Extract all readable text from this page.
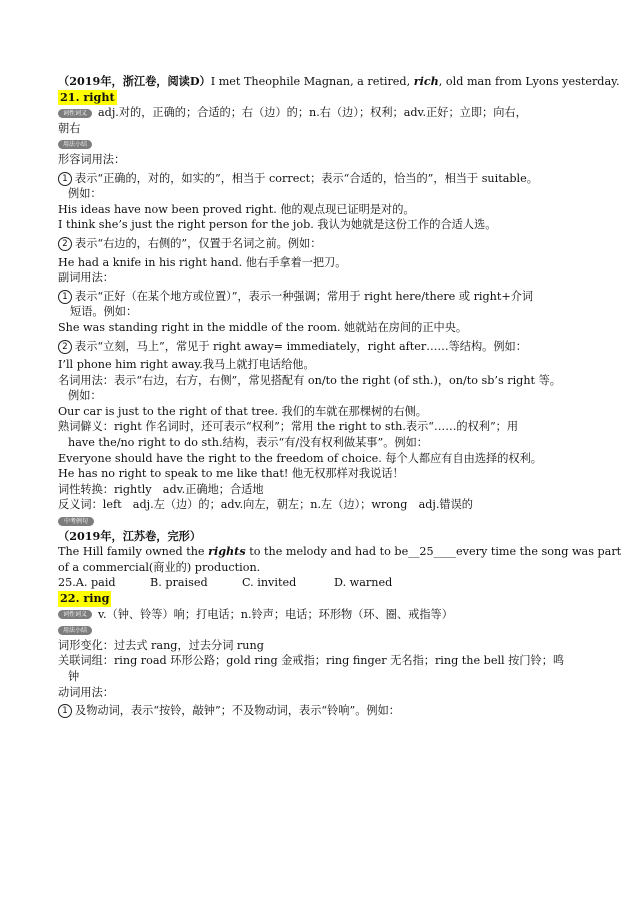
（2019年，浙江卷，阅读D）I met Theophile Magnan, a retired, rich, old man from Lyons yesterday.
21. right
词性词义 adj.对的，正确的；合适的；右（边）的；n.右（边）；权利；adv.正好；立即；向右，
朝右
用法小结
形容词用法：
1 表示“正确的，对的，如实的”，相当于 correct；表示“合适的，恰当的”，相当于 suitable。
例如：
His ideas have now been proved right. 他的观点现已证明是对的。
I think she’s just the right person for the job. 我认为她就是这份工作的合适人选。
2 表示“右边的，右侧的”，仅置于名词之前。例如：
He had a knife in his right hand. 他右手拿着一把刀。
副词用法：
1 表示“正好（在某个地方或位置）”，表示一种强调；常用于 right here/there 或 right+介词
短语。例如：
She was standing right in the middle of the room. 她就站在房间的正中央。
2 表示“立刻，马上”，常见于 right away= immediately，right after……等结构。例如：
I’ll phone him right away.我马上就打电话给他。
名词用法：表示“右边，右方，右侧”，常见搭配有 on/to the right (of sth.)，on/to sb’s right 等。
例如：
Our car is just to the right of that tree. 我们的车就在那棵树的右侧。
熟词僻义：right 作名词时，还可表示“权利”；常用 the right to sth.表示“……的权利”；用
have the/no right to do sth.结构，表示“有/没有权利做某事”。例如：
Everyone should have the right to the freedom of choice. 每个人都应有自由选择的权利。
He has no right to speak to me like that! 他无权那样对我说话！
词性转换：rightly　adv.正确地；合适地
反义词：left　adj.左（边）的；adv.向左，朝左；n.左（边）；wrong　adj.错误的
中考例句
（2019年，江苏卷，完形）
The Hill family owned the rights to the melody and had to be__25____every time the song was part
of a commercial(商业的) production.
25.A. paid	B. praised	C. invited	D. warned
22. ring
词性词义 v.（钟、铃等）响；打电话；n.铃声；电话；环形物（环、圈、戒指等）
用法小结
词形变化：过去式 rang，过去分词 rung
关联词组：ring road 环形公路；gold ring 金戒指；ring finger 无名指；ring the bell 按门铃；鸣
钟
动词用法：
1 及物动词，表示“按铃，敲钟”；不及物动词，表示“铃响”。例如：
